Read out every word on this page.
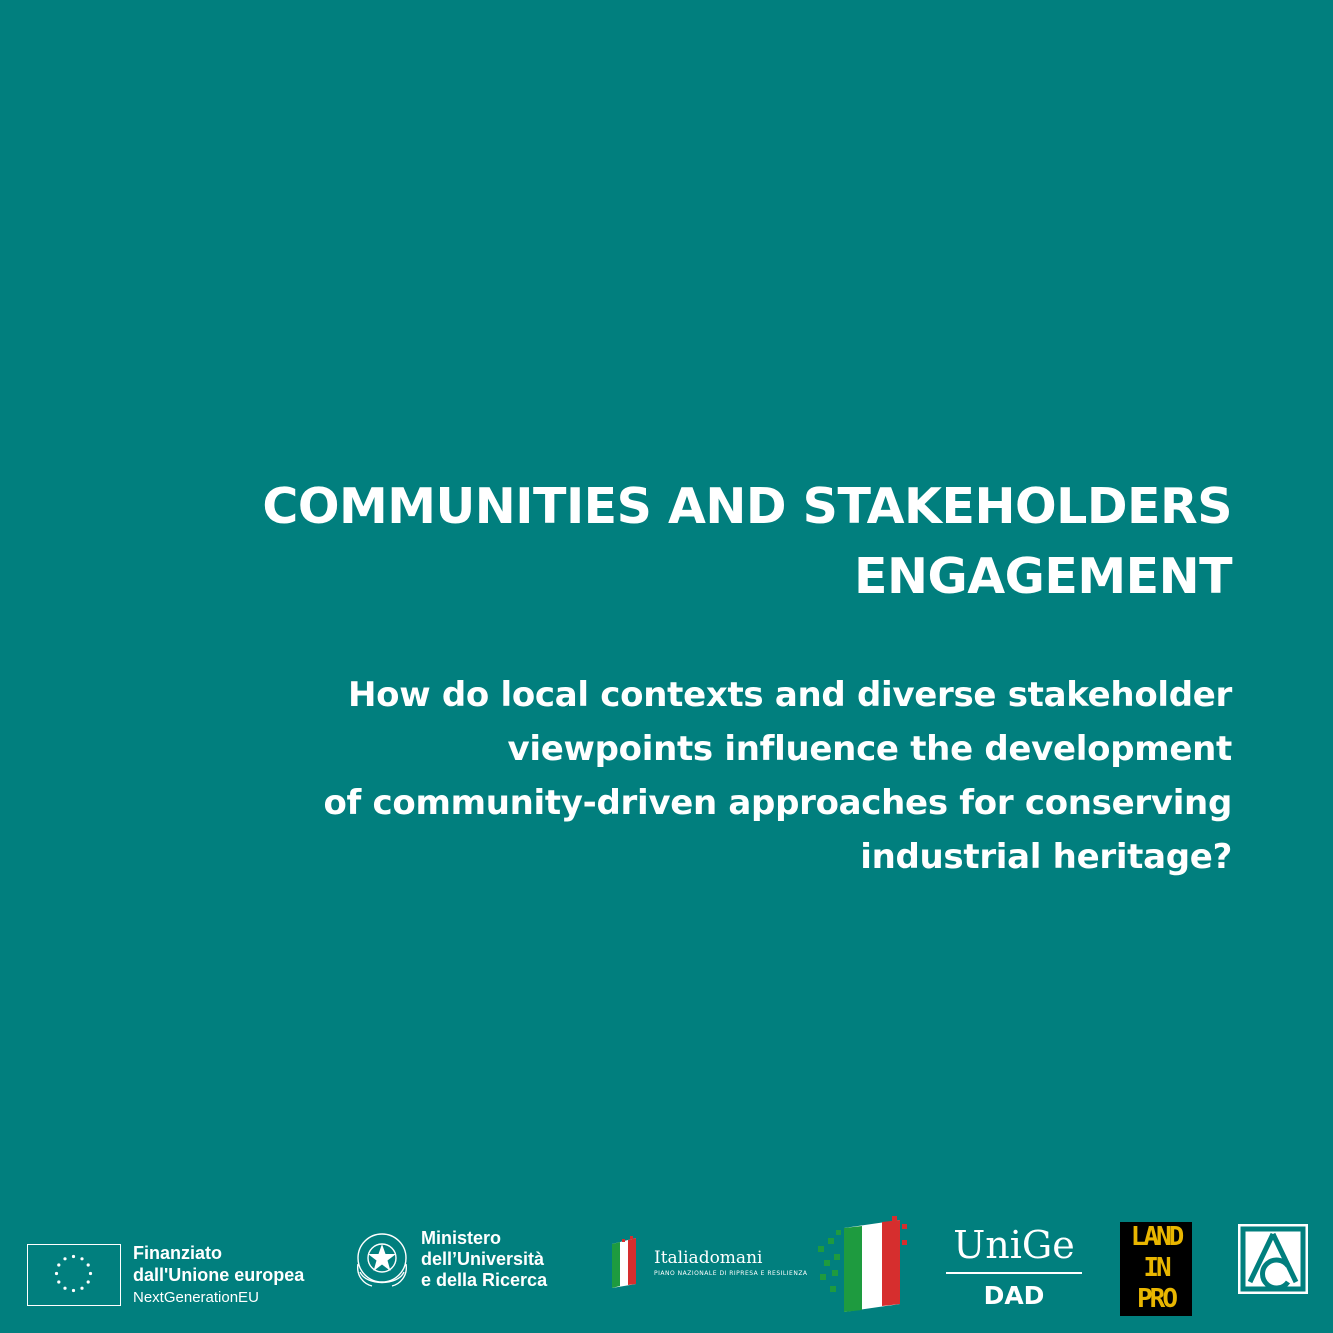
COMMUNITIES AND STAKEHOLDERS
ENGAGEMENT
How do local contexts and diverse stakeholder
viewpoints influence the development
of community-driven approaches for conserving
industrial heritage?
Finanziato
dall'Unione europea
NextGenerationEU
Ministero
dell’Università
e della Ricerca
Italiadomani
PIANO NAZIONALE DI RIPRESA E RESILIENZA
UniGe
DAD
LAND
IN
PRO
